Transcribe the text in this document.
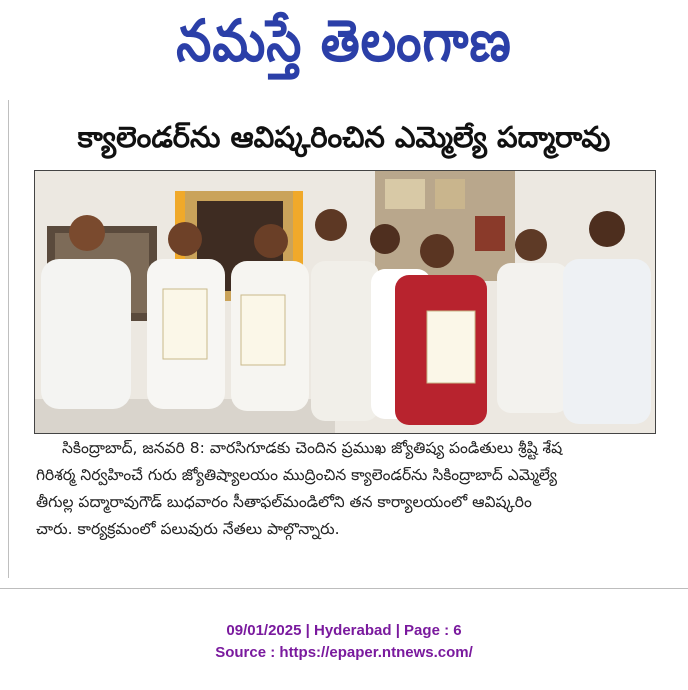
నమస్తే తెలంగాణ
క్యాలెండర్‌ను ఆవిష్కరించిన ఎమ్మెల్యే పద్మారావు

సికింద్రాబాద్‌, జనవరి 8: వారసిగూడకు చెందిన ప్రముఖ జ్యోతిష్య పండితులు శ్రీష్టి శేష

గిరిశర్మ నిర్వహించే గురు జ్యోతిష్యాలయం ముద్రించిన క్యాలెండర్‌ను సికింద్రాబాద్‌ ఎమ్మెల్యే

తీగుల్ల పద్మారావుగౌడ్‌ బుధవారం సీతాఫల్‌మండిలోని తన కార్యాలయంలో ఆవిష్కరిం

చారు. కార్యక్రమంలో పలువురు నేతలు పాల్గొన్నారు.

09/01/2025 | Hyderabad | Page : 6
Source : https://epaper.ntnews.com/
